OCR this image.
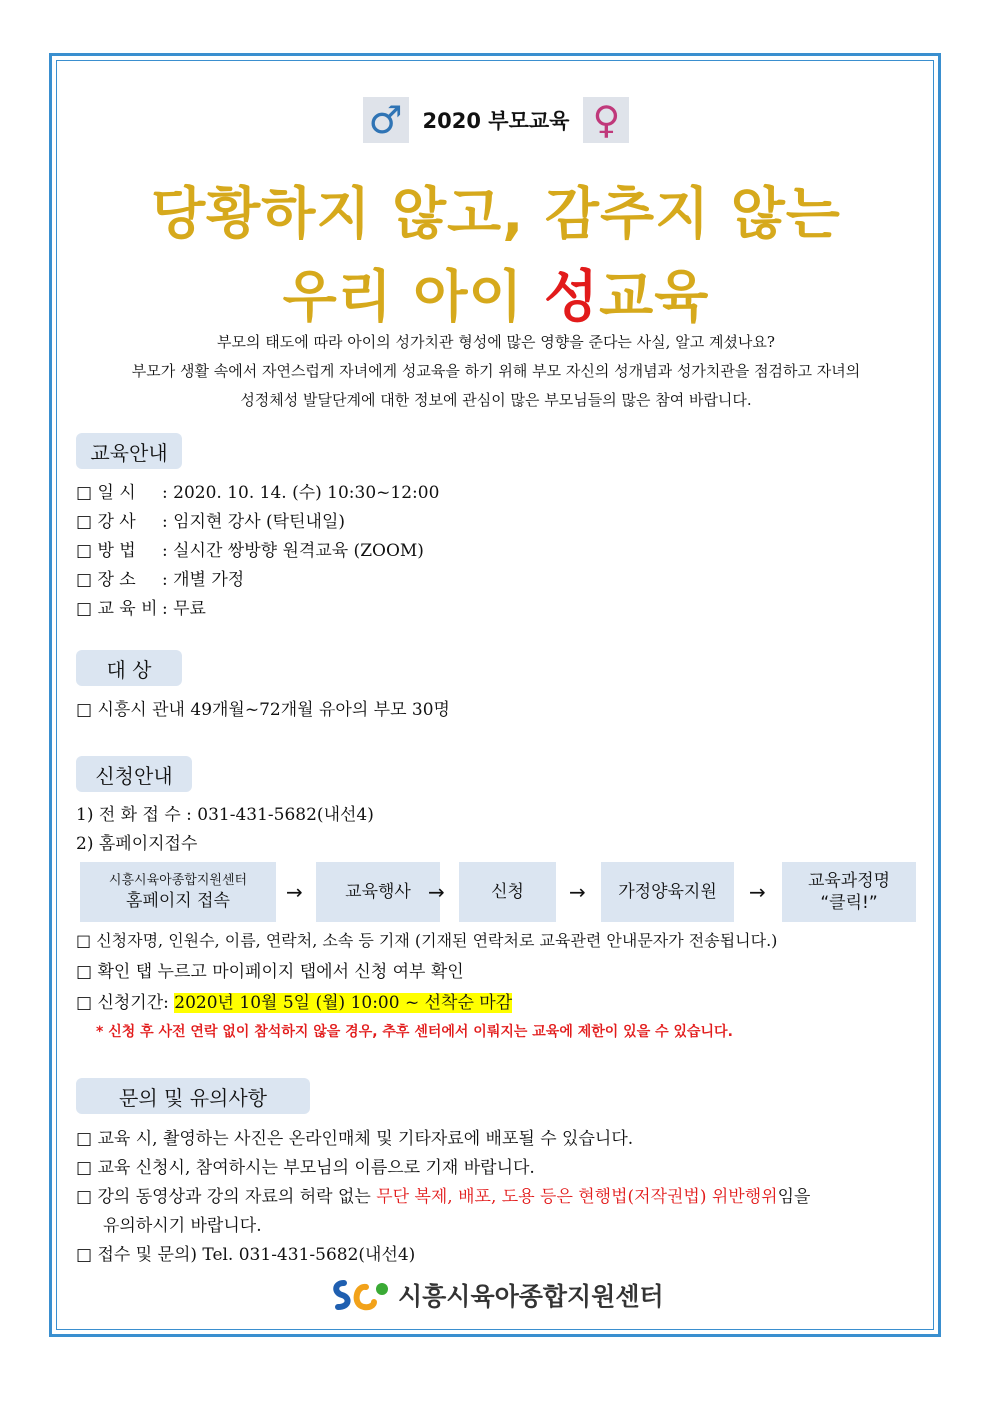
♂ 2020 부모교육 ♀
당황하지 않고, 감추지 않는
우리 아이 성교육
부모의 태도에 따라 아이의 성가치관 형성에 많은 영향을 준다는 사실, 알고 계셨나요?
부모가 생활 속에서 자연스럽게 자녀에게 성교육을 하기 위해 부모 자신의 성개념과 성가치관을 점검하고 자녀의
성정체성 발달단계에 대한 정보에 관심이 많은 부모님들의 많은 참여 바랍니다.
교육안내
□ 일 시 : 2020. 10. 14. (수) 10:30~12:00
□ 강 사 : 임지현 강사 (탁틴내일)
□ 방 법 : 실시간 쌍방향 원격교육 (ZOOM)
□ 장 소 : 개별 가정
□ 교 육 비 : 무료
대 상
□ 시흥시 관내 49개월~72개월 유아의 부모 30명
신청안내
1) 전 화 접 수 : 031-431-5682(내선4)
2) 홈페이지접수
시흥시육아종합지원센터
홈페이지 접속	→ 교육행사 →	신청 → 가정양육지원 → 교육과정명
“클릭!”
□ 신청자명, 인원수, 이름, 연락처, 소속 등 기재 (기재된 연락처로 교육관련 안내문자가 전송됩니다.)
□ 확인 탭 누르고 마이페이지 탭에서 신청 여부 확인
□ 신청기간: 2020년 10월 5일 (월) 10:00 ~ 선착순 마감
* 신청 후 사전 연락 없이 참석하지 않을 경우, 추후 센터에서 이뤄지는 교육에 제한이 있을 수 있습니다.
문의 및 유의사항
□ 교육 시, 촬영하는 사진은 온라인매체 및 기타자료에 배포될 수 있습니다.
□ 교육 신청시, 참여하시는 부모님의 이름으로 기재 바랍니다.
□ 강의 동영상과 강의 자료의 허락 없는 무단 복제, 배포, 도용 등은 현행법(저작권법) 위반행위임을
유의하시기 바랍니다.
□ 접수 및 문의) Tel. 031-431-5682(내선4)
시흥시육아종합지원센터
